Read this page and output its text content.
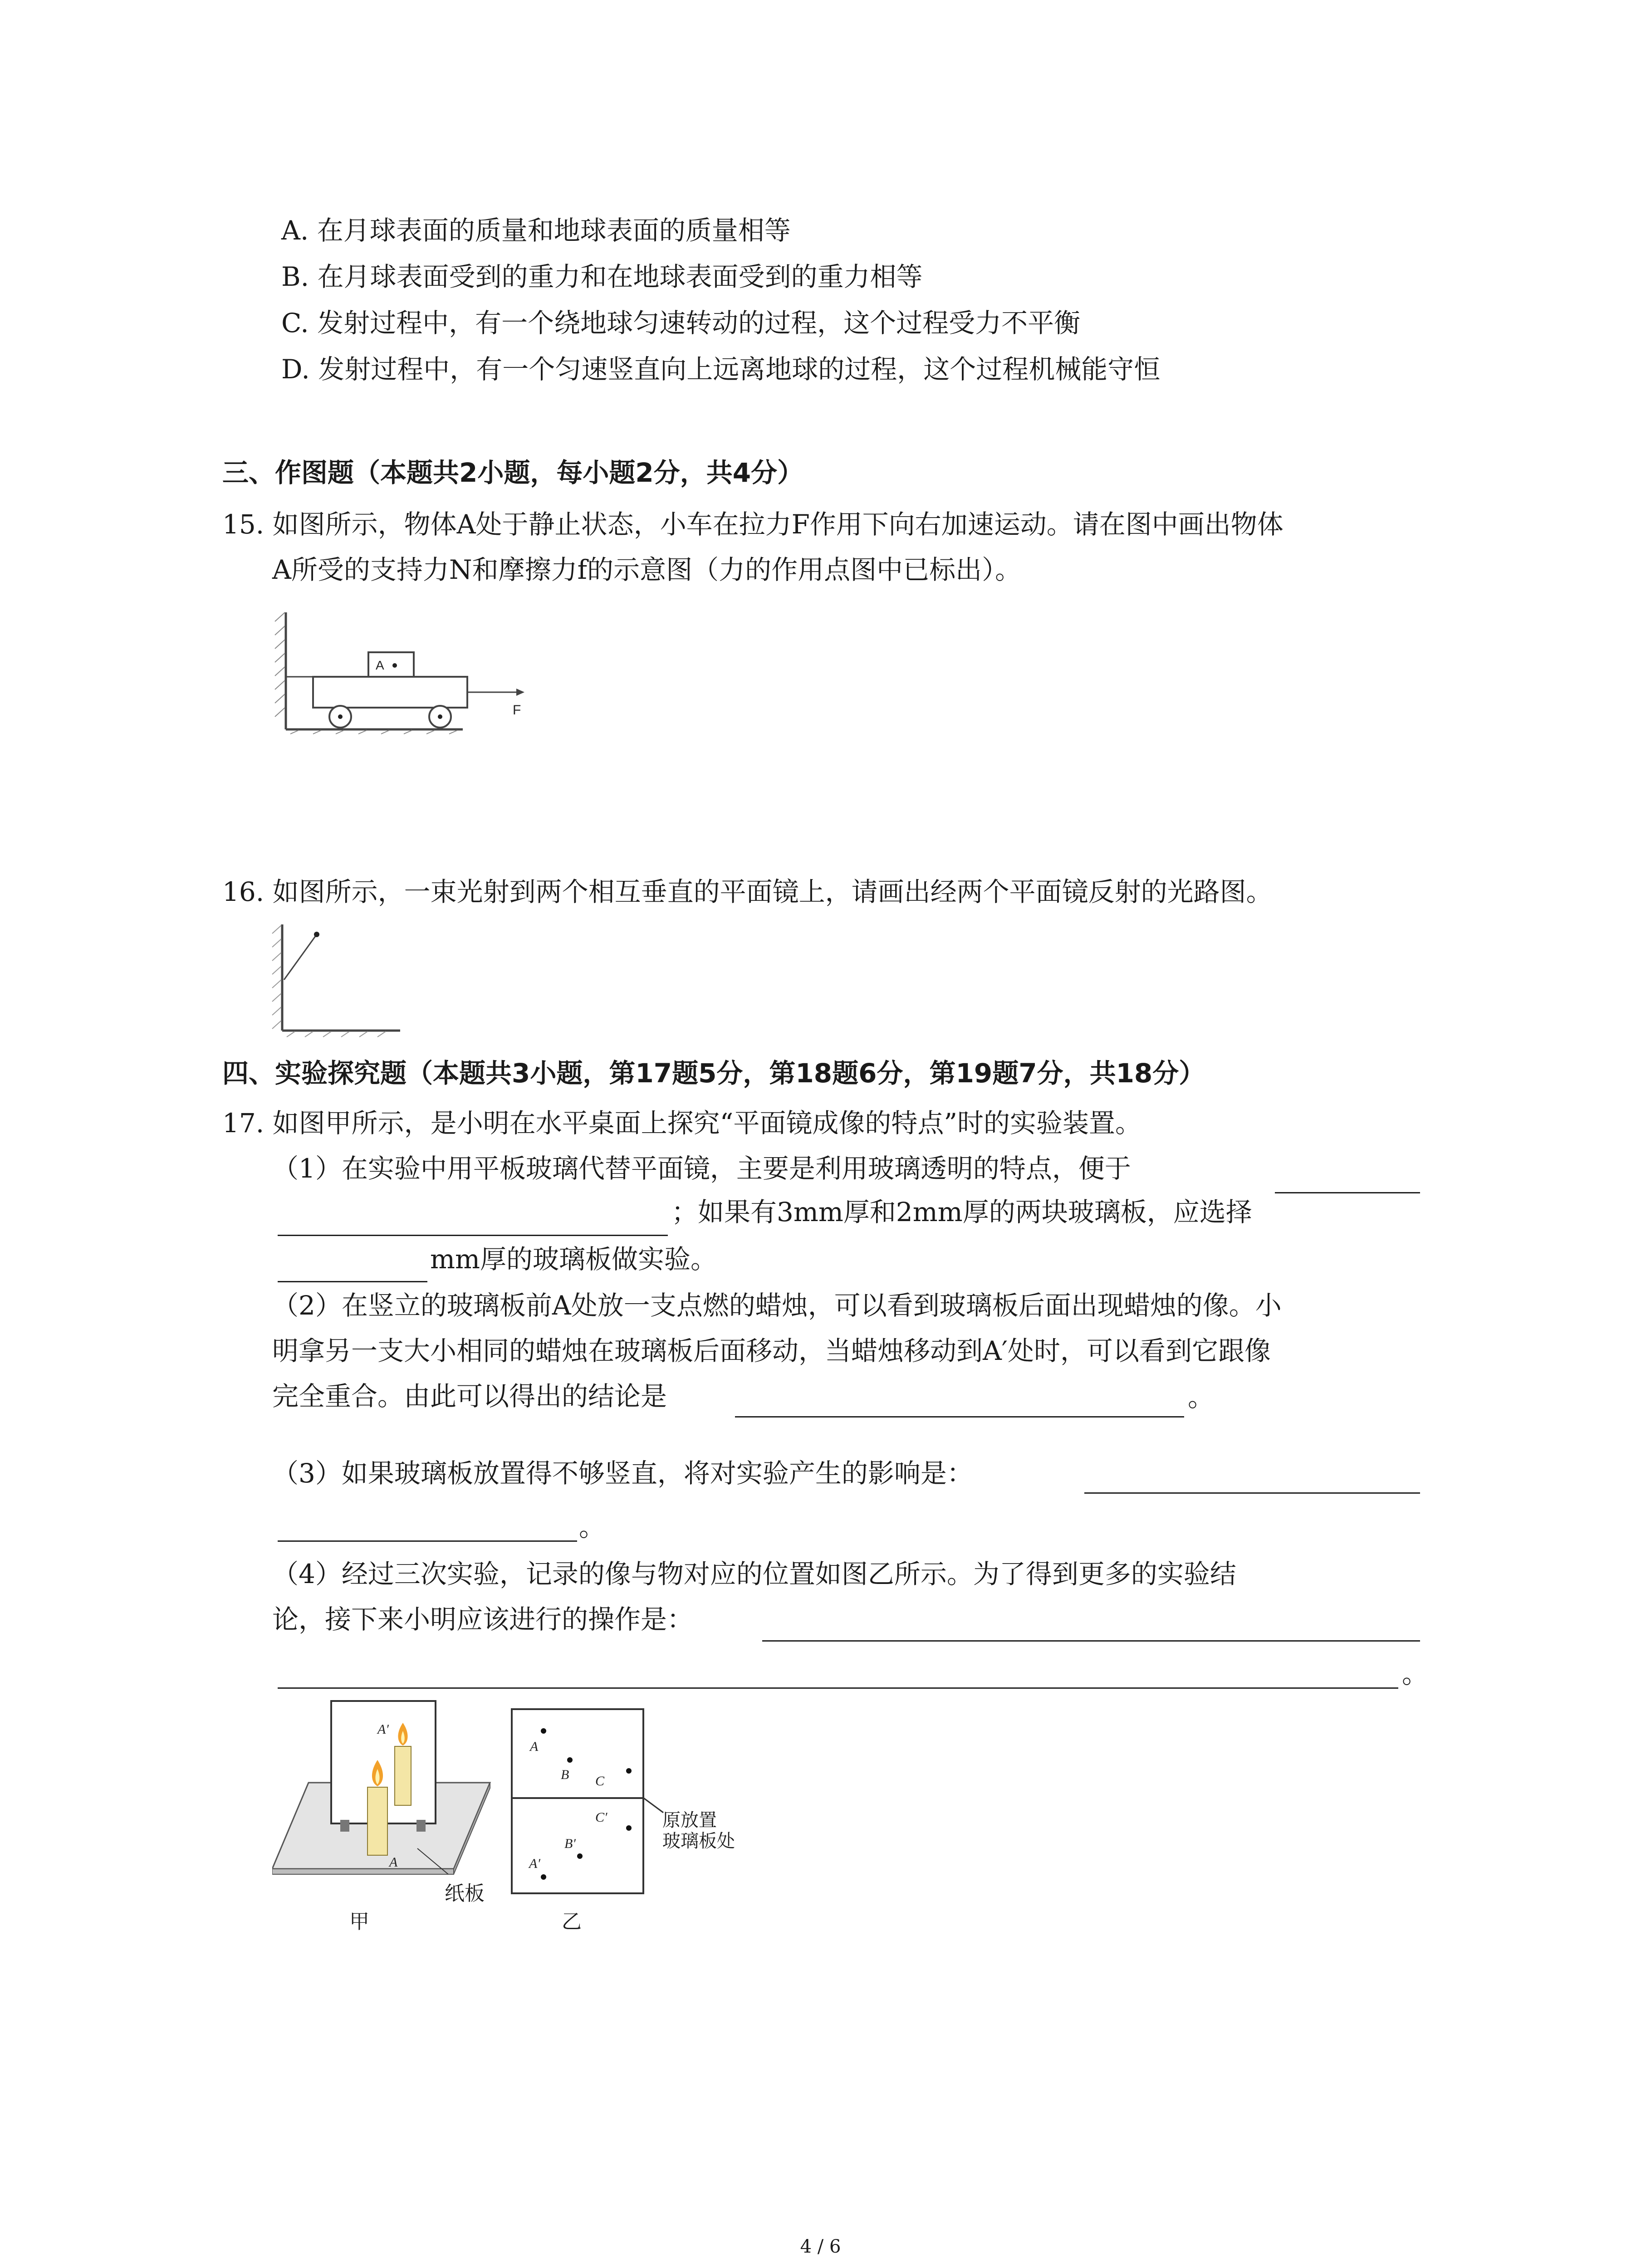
A. 在月球表面的质量和地球表面的质量相等
B. 在月球表面受到的重力和在地球表面受到的重力相等
C. 发射过程中，有一个绕地球匀速转动的过程，这个过程受力不平衡
D. 发射过程中，有一个匀速竖直向上远离地球的过程，这个过程机械能守恒
三、作图题（本题共2小题，每小题2分，共4分）
15. 如图所示，物体A处于静止状态，小车在拉力F作用下向右加速运动。请在图中画出物体
A所受的支持力N和摩擦力f的示意图（力的作用点图中已标出）。
A
F
16. 如图所示，一束光射到两个相互垂直的平面镜上，请画出经两个平面镜反射的光路图。
四、实验探究题（本题共3小题，第17题5分，第18题6分，第19题7分，共18分）
17. 如图甲所示，是小明在水平桌面上探究“平面镜成像的特点”时的实验装置。
（1）在实验中用平板玻璃代替平面镜，主要是利用玻璃透明的特点，便于
；如果有3mm厚和2mm厚的两块玻璃板，应选择
mm厚的玻璃板做实验。
（2）在竖立的玻璃板前A处放一支点燃的蜡烛，可以看到玻璃板后面出现蜡烛的像。小
明拿另一支大小相同的蜡烛在玻璃板后面移动，当蜡烛移动到A′处时，可以看到它跟像
完全重合。由此可以得出的结论是	。
（3）如果玻璃板放置得不够竖直，将对实验产生的影响是：
。
（4）经过三次实验，记录的像与物对应的位置如图乙所示。为了得到更多的实验结
论，接下来小明应该进行的操作是：
。
A′
A
纸板
甲
A
B C
C′
B′
A′
原放置
玻璃板处
乙
4 / 6
